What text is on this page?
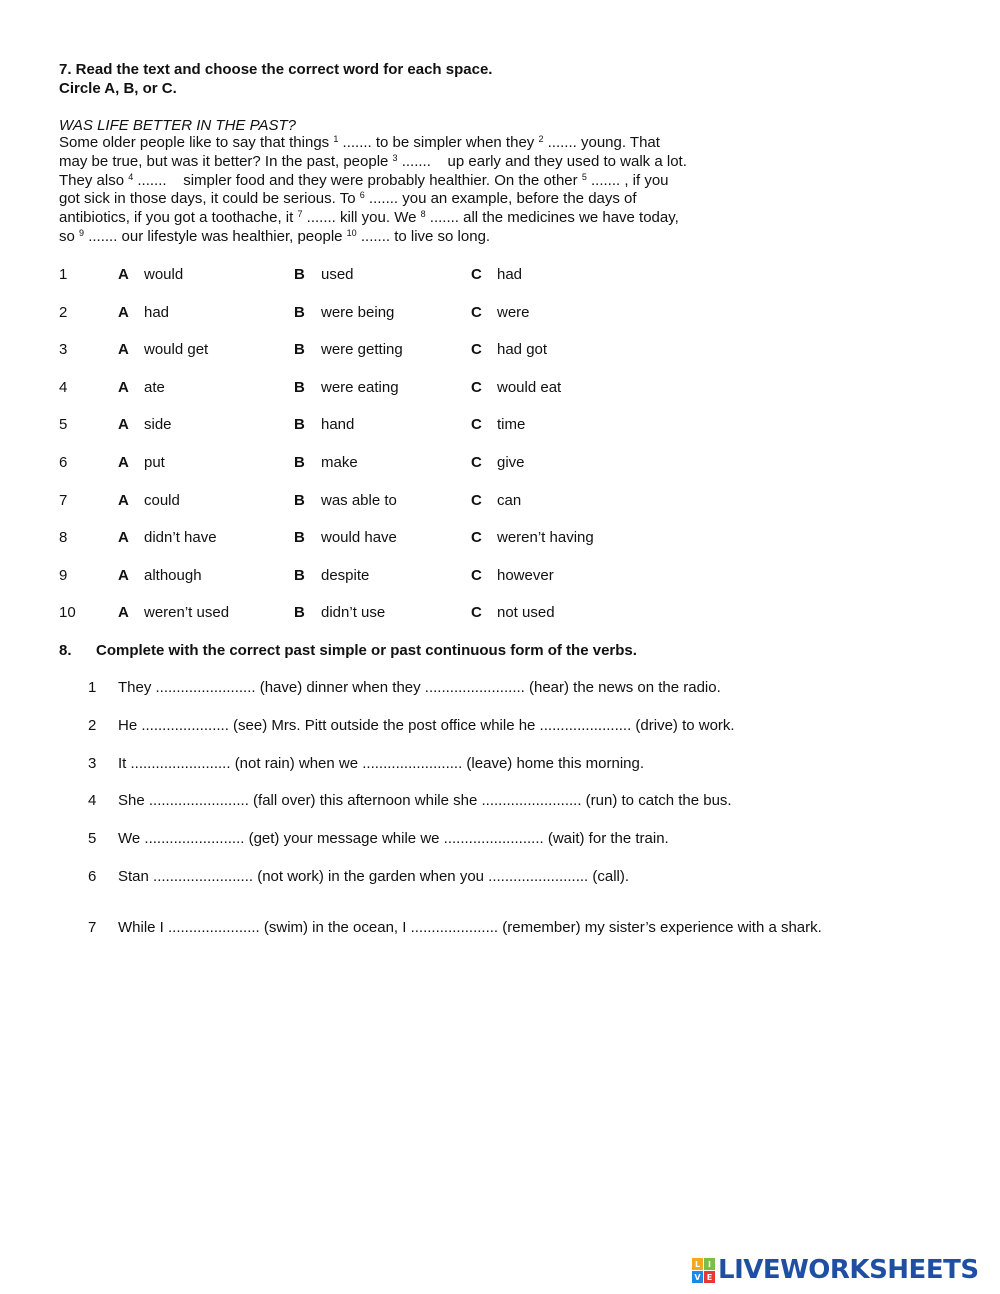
7. Read the text and choose the correct word for each space.
Circle A, B, or C.
WAS LIFE BETTER IN THE PAST?
Some older people like to say that things $^1$ ....... to be simpler when they $^2$ ....... young. That
may be true, but was it better? In the past, people $^3$ .......    up early and they used to walk a lot.
They also $^4$ .......    simpler food and they were probably healthier. On the other $^5$ ....... , if you
got sick in those days, it could be serious. To $^6$ ....... you an example, before the days of
antibiotics, if you got a toothache, it $^7$ ....... kill you. We $^8$ ....... all the medicines we have today,
so $^9$ ....... our lifestyle was healthier, people $^{10}$ ....... to live so long.
1	A would	B used	C had
2	A had	B were being	C were
3	A would get	B were getting	C had got
4	A ate	B were eating	C would eat
5	A side	B hand	C time
6	A put	B make	C give
7	A could	B was able to	C can
8	A didn’t have	B would have	C weren’t having
9	A although	B despite	C however
10	A weren’t used	B didn’t use	C not used
8. Complete with the correct past simple or past continuous form of the verbs.
1 They ........................ (have) dinner when they ........................ (hear) the news on the radio.
2 He ..................... (see) Mrs. Pitt outside the post office while he ...................... (drive) to work.
3 It ........................ (not rain) when we ........................ (leave) home this morning.
4 She ........................ (fall over) this afternoon while she ........................ (run) to catch the bus.
5 We ........................ (get) your message while we ........................ (wait) for the train.
6 Stan ........................ (not work) in the garden when you ........................ (call).
7 While I ...................... (swim) in the ocean, I ..................... (remember) my sister’s experience with a shark.
L I
V E LIVEWORKSHEETS
